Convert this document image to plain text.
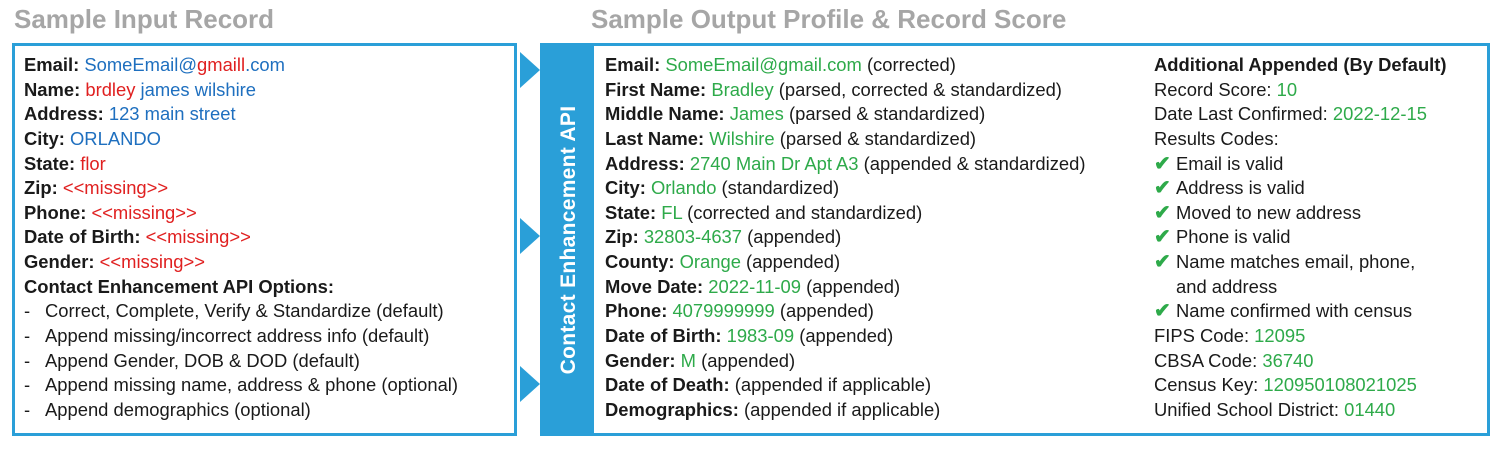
Sample Input Record	Sample Output Profile & Record Score
Email: SomeEmail@gmaill.com
Name: brdley james wilshire
Address: 123 main street
City: ORLANDO
State: flor
Zip: <<missing>>
Phone: <<missing>>
Date of Birth: <<missing>>
Gender: <<missing>>
Contact Enhancement API Options:
- Correct, Complete, Verify & Standardize (default)
- Append missing/incorrect address info (default)
- Append Gender, DOB & DOD (default)
- Append missing name, address & phone (optional)
- Append demographics (optional)
Contact Enhancement API
Email: SomeEmail@gmail.com (corrected)
First Name: Bradley (parsed, corrected & standardized)
Middle Name: James (parsed & standardized)
Last Name: Wilshire (parsed & standardized)
Address: 2740 Main Dr Apt A3 (appended & standardized)
City: Orlando (standardized)
State: FL (corrected and standardized)
Zip: 32803-4637 (appended)
County: Orange (appended)
Move Date: 2022-11-09 (appended)
Phone: 4079999999 (appended)
Date of Birth: 1983-09 (appended)
Gender: M (appended)
Date of Death: (appended if applicable)
Demographics: (appended if applicable)
Additional Appended (By Default)
Record Score: 10
Date Last Confirmed: 2022-12-15
Results Codes:
✔ Email is valid
✔ Address is valid
✔ Moved to new address
✔ Phone is valid
✔ Name matches email, phone,
and address
✔ Name confirmed with census
FIPS Code: 12095
CBSA Code: 36740
Census Key: 120950108021025
Unified School District: 01440
